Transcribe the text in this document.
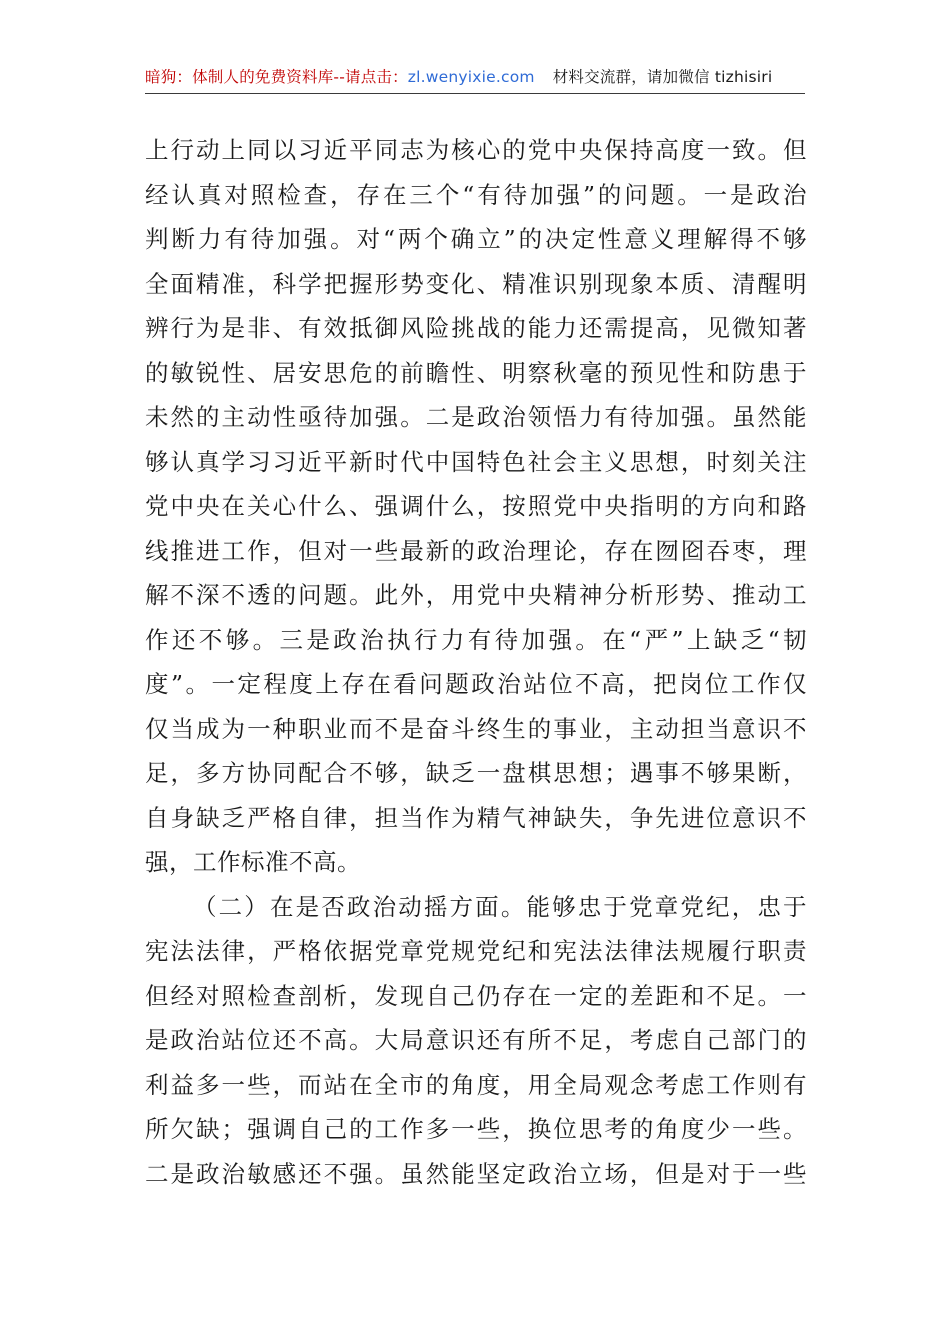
暗狗：体制人的免费资料库--请点击：zl.wenyixie.com 材料交流群，请加微信 tizhisiri
上行动上同以习近平同志为核心的党中央保持高度一致。但
经认真对照检查，存在三个“有待加强”的问题。一是政治
判断力有待加强。对“两个确立”的决定性意义理解得不够
全面精准，科学把握形势变化、精准识别现象本质、清醒明
辨行为是非、有效抵御风险挑战的能力还需提高，见微知著
的敏锐性、居安思危的前瞻性、明察秋毫的预见性和防患于
未然的主动性亟待加强。二是政治领悟力有待加强。虽然能
够认真学习习近平新时代中国特色社会主义思想，时刻关注
党中央在关心什么、强调什么，按照党中央指明的方向和路
线推进工作，但对一些最新的政治理论，存在囫囵吞枣，理
解不深不透的问题。此外，用党中央精神分析形势、推动工
作还不够。三是政治执行力有待加强。在“严”上缺乏“韧
度”。一定程度上存在看问题政治站位不高，把岗位工作仅
仅当成为一种职业而不是奋斗终生的事业，主动担当意识不
足，多方协同配合不够，缺乏一盘棋思想；遇事不够果断，
自身缺乏严格自律，担当作为精气神缺失，争先进位意识不
强，工作标准不高。
（二）在是否政治动摇方面。能够忠于党章党纪，忠于
宪法法律，严格依据党章党规党纪和宪法法律法规履行职责
但经对照检查剖析，发现自己仍存在一定的差距和不足。一
是政治站位还不高。大局意识还有所不足，考虑自己部门的
利益多一些，而站在全市的角度，用全局观念考虑工作则有
所欠缺；强调自己的工作多一些，换位思考的角度少一些。
二是政治敏感还不强。虽然能坚定政治立场，但是对于一些
